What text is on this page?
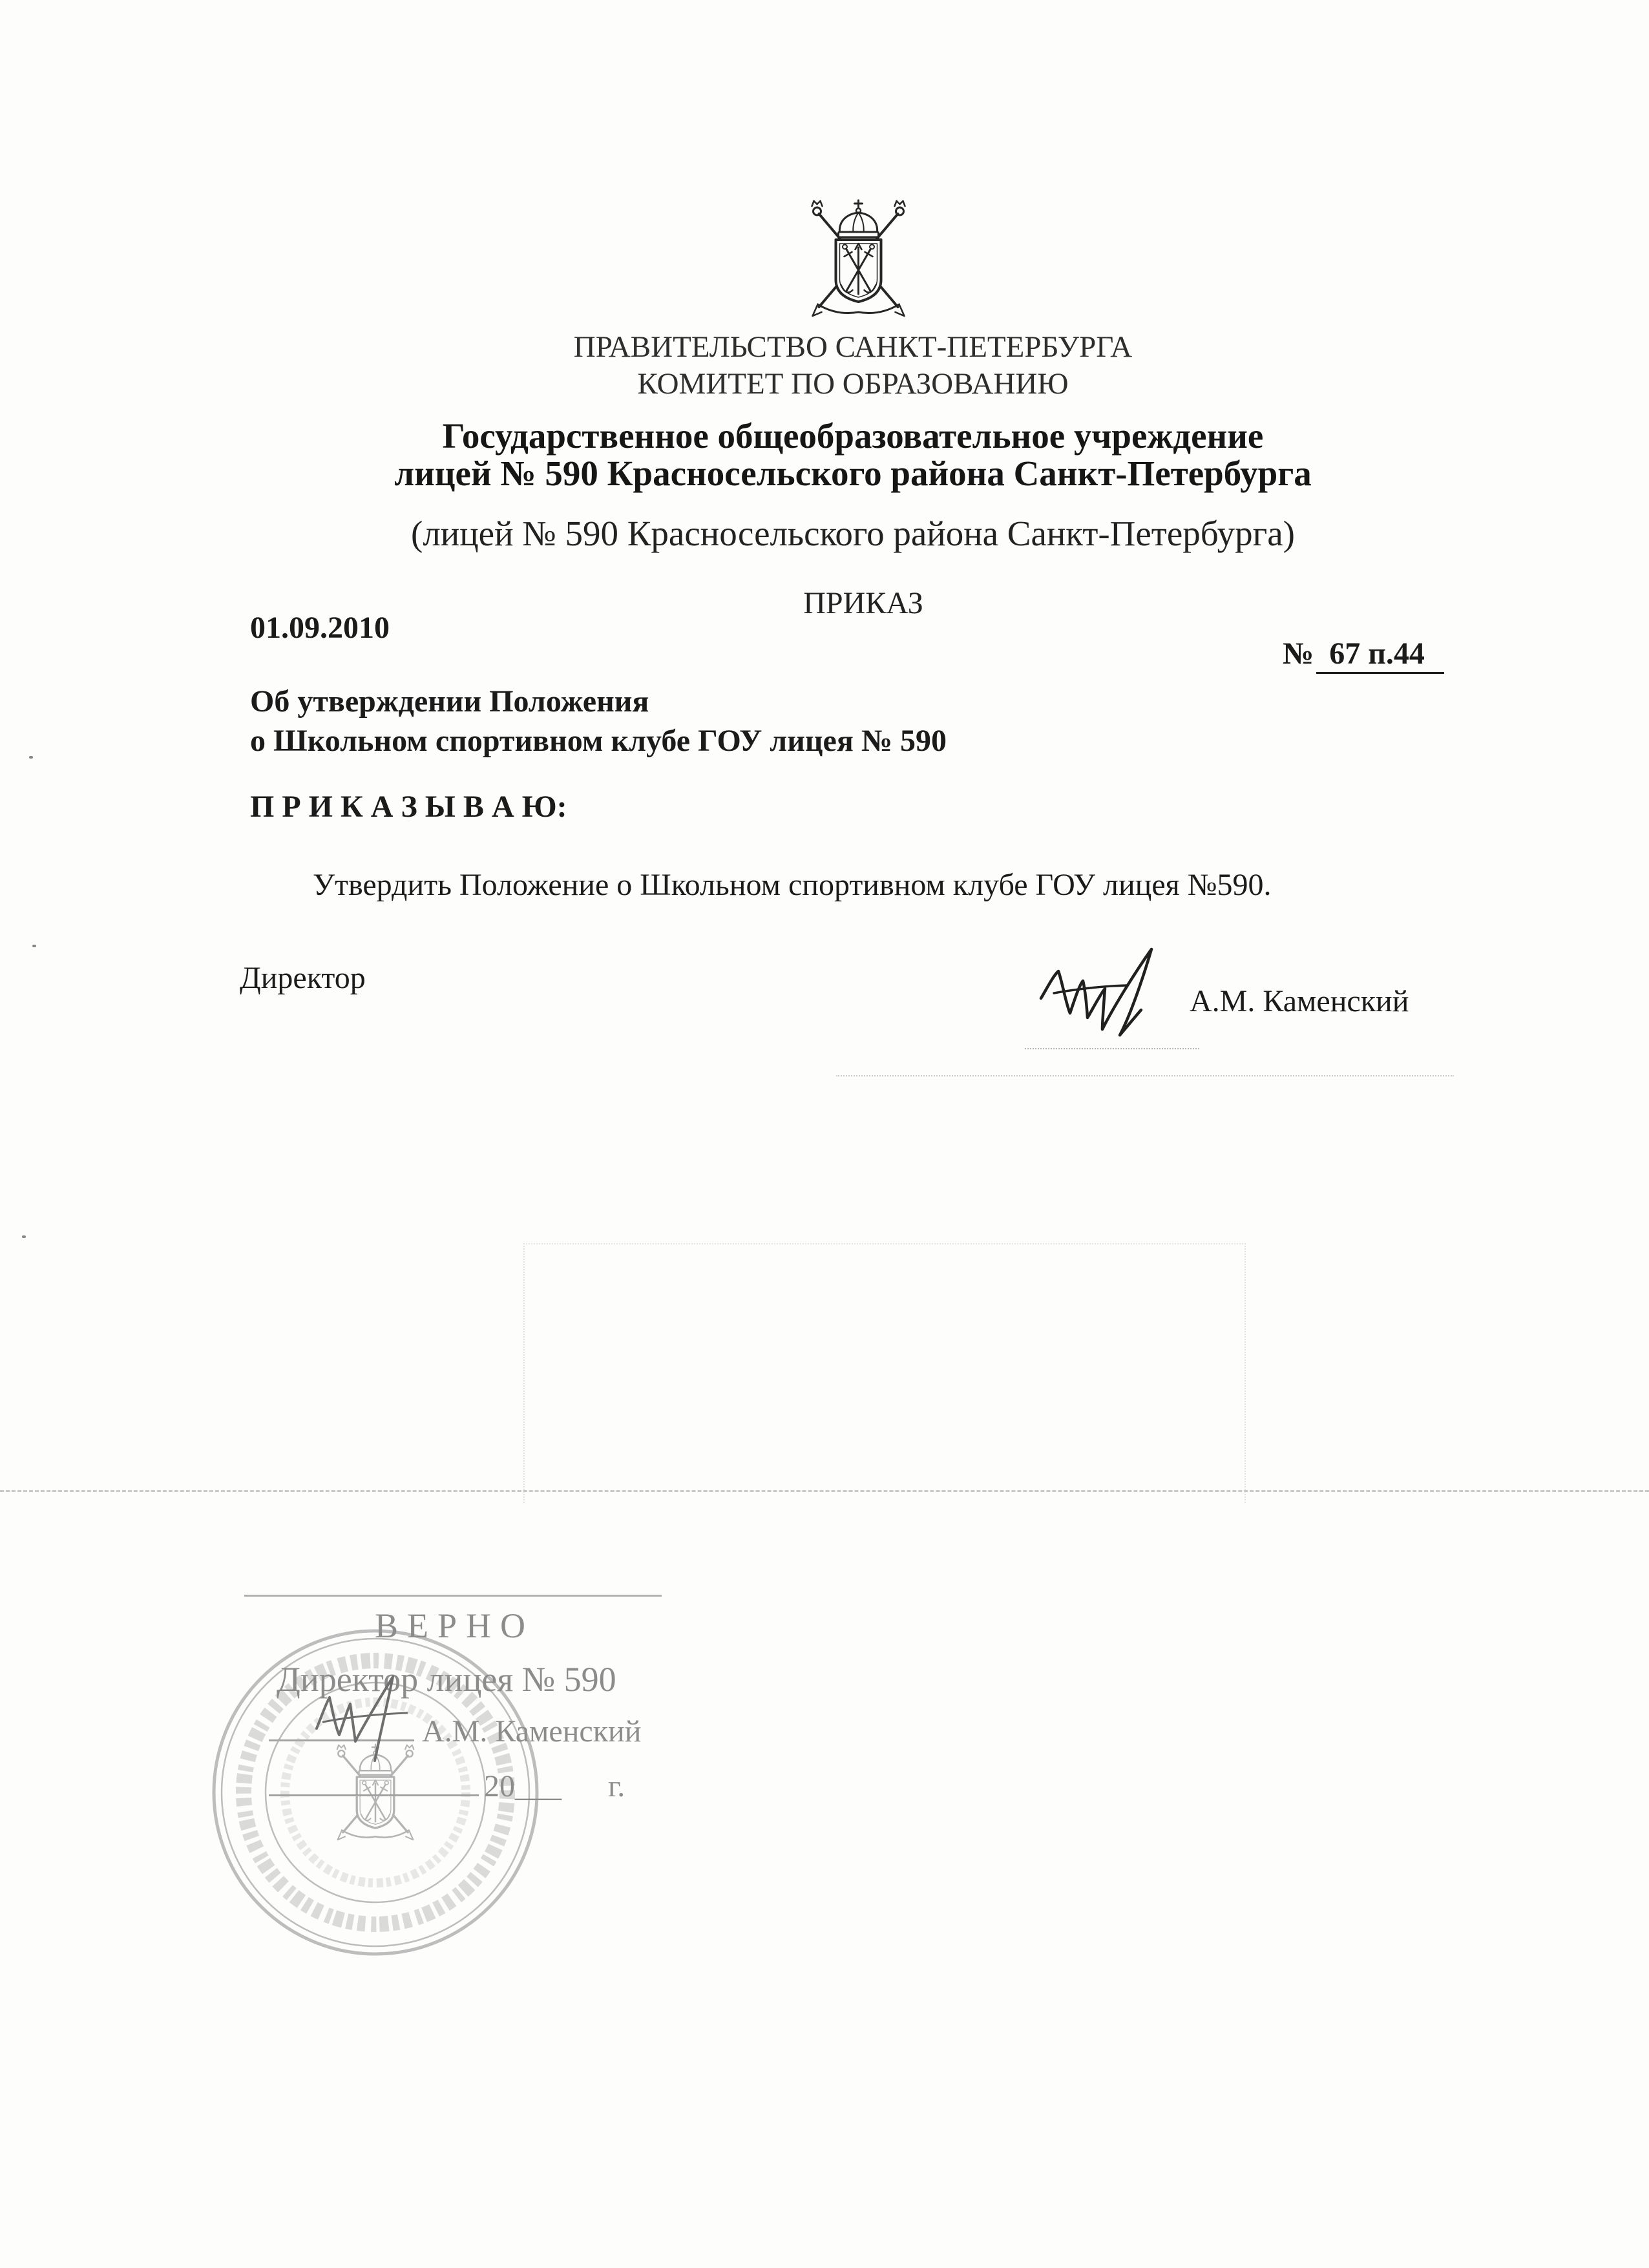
ПРАВИТЕЛЬСТВО САНКТ-ПЕТЕРБУРГА
КОМИТЕТ ПО ОБРАЗОВАНИЮ
Государственное общеобразовательное учреждение
лицей № 590 Красносельского района Санкт-Петербурга
(лицей № 590 Красносельского района Санкт-Петербурга)
ПРИКАЗ
01.09.2010
№ 67 п.44
Об утверждении Положения
о Школьном спортивном клубе ГОУ лицея № 590
П Р И К А З Ы В А Ю:
Утвердить Положение о Школьном спортивном клубе ГОУ лицея №590.
Директор
А.М. Каменский
ВЕРНО
Директор лицея № 590
А.М. Каменский
20___ г.
